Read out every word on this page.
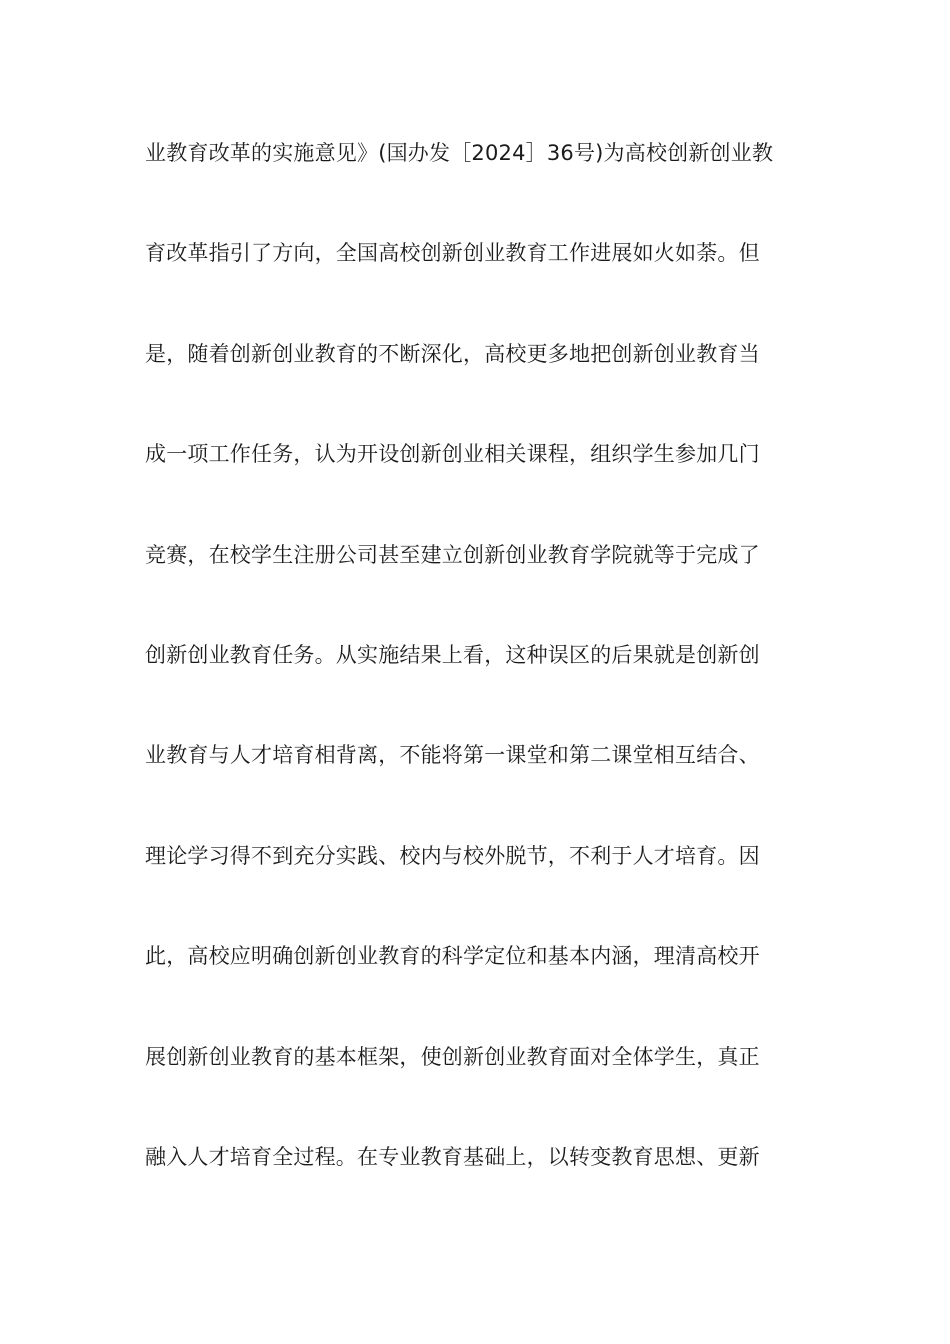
业教育改革的实施意见》(国办发［2024］36号)为高校创新创业教
育改革指引了方向，全国高校创新创业教育工作进展如火如荼。但
是，随着创新创业教育的不断深化，高校更多地把创新创业教育当
成一项工作任务，认为开设创新创业相关课程，组织学生参加几门
竞赛，在校学生注册公司甚至建立创新创业教育学院就等于完成了
创新创业教育任务。从实施结果上看，这种误区的后果就是创新创
业教育与人才培育相背离，不能将第一课堂和第二课堂相互结合、
理论学习得不到充分实践、校内与校外脱节，不利于人才培育。因
此，高校应明确创新创业教育的科学定位和基本内涵，理清高校开
展创新创业教育的基本框架，使创新创业教育面对全体学生，真正
融入人才培育全过程。在专业教育基础上，以转变教育思想、更新
